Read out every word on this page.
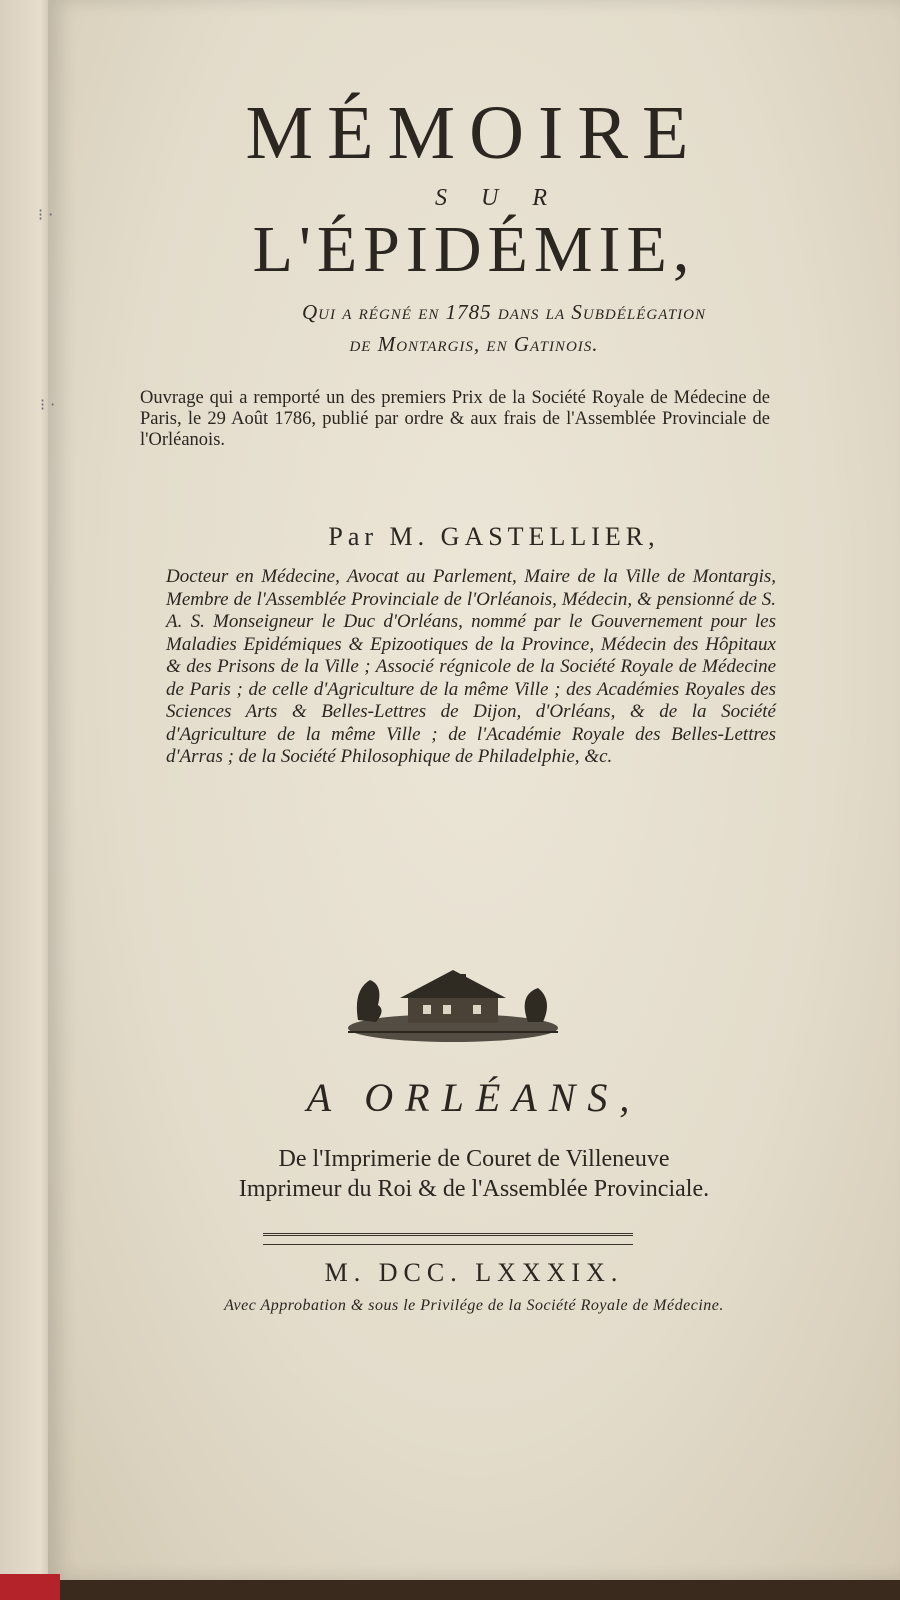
⁝ ·
⁝ ·
MÉMOIRE
SUR
L'ÉPIDÉMIE,
Qui a régné en 1785 dans la Subdélégation
de Montargis, en Gatinois.
Ouvrage qui a remporté un des premiers Prix de la Société Royale de Médecine de Paris, le 29 Août 1786, publié par ordre & aux frais de l'Assemblée Provinciale de l'Orléanois.
Par M. GASTELLIER,
Docteur en Médecine, Avocat au Parlement, Maire de la Ville de Montargis, Membre de l'Assemblée Provinciale de l'Orléanois, Médecin, & pensionné de S. A. S. Monseigneur le Duc d'Orléans, nommé par le Gouvernement pour les Maladies Epidémiques & Epizootiques de la Province, Médecin des Hôpitaux & des Prisons de la Ville ; Associé régnicole de la Société Royale de Médecine de Paris ; de celle d'Agriculture de la même Ville ; des Académies Royales des Sciences Arts & Belles-Lettres de Dijon, d'Orléans, & de la Société d'Agriculture de la même Ville ; de l'Académie Royale des Belles-Lettres d'Arras ; de la Société Philosophique de Philadelphie, &c.
A ORLÉANS,
De l'Imprimerie de Couret de Villeneuve
Imprimeur du Roi & de l'Assemblée Provinciale.
M. DCC. LXXXIX.
Avec Approbation & sous le Privilége de la Société Royale de Médecine.
